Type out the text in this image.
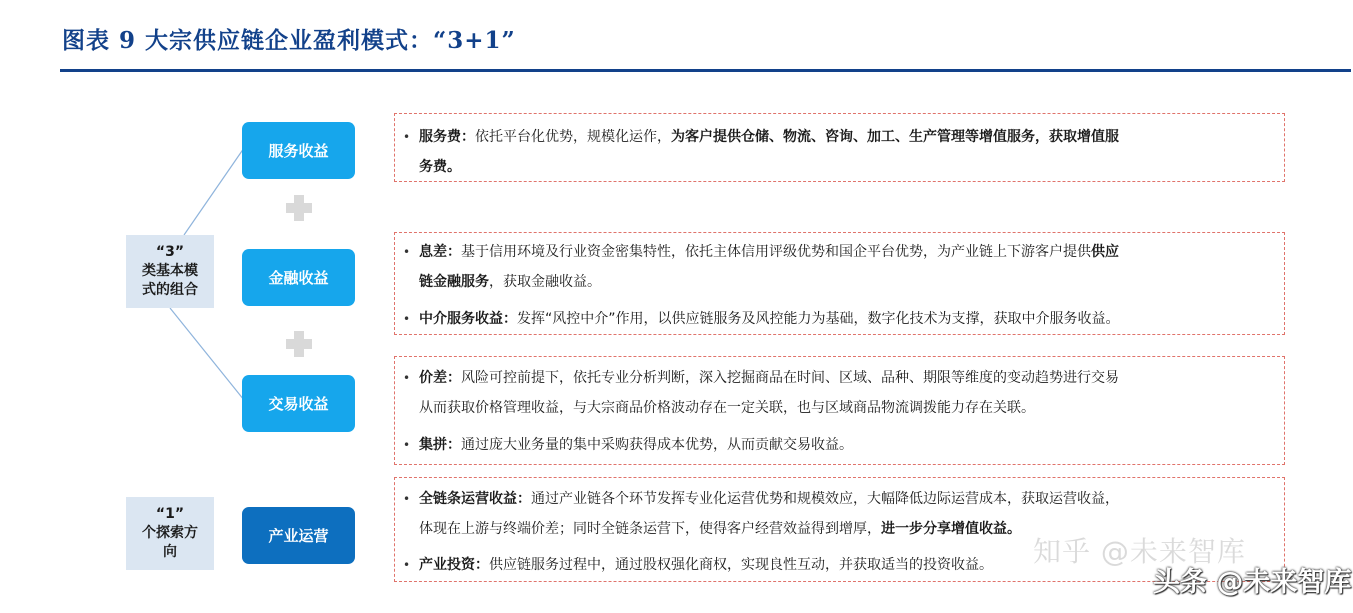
图表 9 大宗供应链企业盈利模式：“3+1”
“3”
类基本模
式的组合
“1”
个探索方
向
服务收益
金融收益
交易收益
产业运营
• 服务费：依托平台化优势，规模化运作，为客户提供仓储、物流、咨询、加工、生产管理等增值服务，获取增值服
务费。
• 息差：基于信用环境及行业资金密集特性，依托主体信用评级优势和国企平台优势，为产业链上下游客户提供供应
链金融服务，获取金融收益。
• 中介服务收益：发挥“风控中介”作用，以供应链服务及风控能力为基础，数字化技术为支撑，获取中介服务收益。
• 价差：风险可控前提下，依托专业分析判断，深入挖掘商品在时间、区域、品种、期限等维度的变动趋势进行交易
从而获取价格管理收益，与大宗商品价格波动存在一定关联，也与区域商品物流调拨能力存在关联。
• 集拼：通过庞大业务量的集中采购获得成本优势，从而贡献交易收益。
• 全链条运营收益：通过产业链各个环节发挥专业化运营优势和规模效应，大幅降低边际运营成本，获取运营收益，
体现在上游与终端价差；同时全链条运营下，使得客户经营效益得到增厚，进一步分享增值收益。
• 产业投资：供应链服务过程中，通过股权强化商权，实现良性互动，并获取适当的投资收益。	知乎 @未来智库
头条 @未来智库
